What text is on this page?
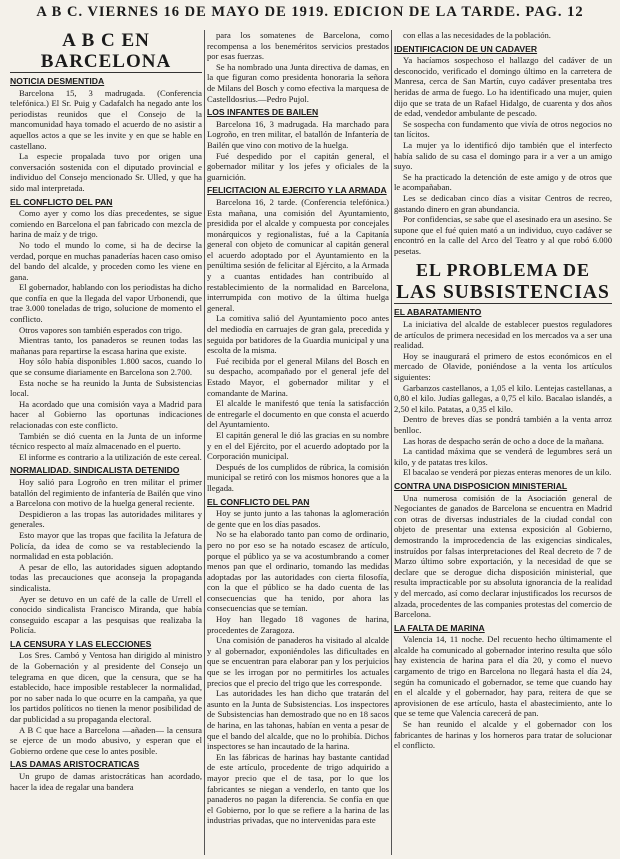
A B C. VIERNES 16 DE MAYO DE 1919. EDICION DE LA TARDE. PAG. 12
A B C EN BARCELONA
NOTICIA DESMENTIDA

Barcelona 15, 3 madrugada. (Conferencia telefónica.) El Sr. Puig y Cadafalch ha negado ante los periodistas reunidos que el Consejo de la mancomunidad haya tomado el acuerdo de no asistir a aquellos actos a que se les invite y en que se hable en castellano.

La especie propalada tuvo por origen una conversación sostenida con el diputado provincial e individuo del Consejo mencionado Sr. Ulled, y que ha sido mal interpretada.

EL CONFLICTO DEL PAN

Como ayer y como los días precedentes, se sigue comiendo en Barcelona el pan fabricado con mezcla de harina de maíz y de trigo.

No todo el mundo lo come, si ha de decirse la verdad, porque en muchas panaderías hacen caso omiso del bando del alcalde, y proceden como les viene en gana.

El gobernador, hablando con los periodistas ha dicho que confía en que la llegada del vapor Urbonendi, que trae 3.000 toneladas de trigo, solucione de momento el conflicto.

Otros vapores son también esperados con trigo.

Mientras tanto, los panaderos se reunen todas las mañanas para repartirse la escasa harina que existe.

Hoy sólo había disponibles 1.800 sacos, cuando lo que se consume diariamente en Barcelona son 2.700.

Esta noche se ha reunido la Junta de Subsistencias local.

Ha acordado que una comisión vaya a Madrid para hacer al Gobierno las oportunas indicaciones relacionadas con este conflicto.

También se dió cuenta en la Junta de un informe técnico respecto al maíz almacenado en el puerto.

El informe es contrario a la utilización de este cereal.

NORMALIDAD. SINDICALISTA DETENIDO

Hoy salió para Logroño en tren militar el primer batallón del regimiento de infantería de Bailén que vino a Barcelona con motivo de la huelga general reciente.

Despidieron a las tropas las autoridades militares y generales.

Esto mayor que las tropas que facilita la Jefatura de Policía, da idea de como se va restableciendo la normalidad en esta población.

A pesar de ello, las autoridades siguen adoptando todas las precauciones que aconseja la propaganda sindicalista.

Ayer se detuvo en un café de la calle de Urrell el conocido sindicalista Francisco Miranda, que había conseguido escapar a las pesquisas que realizaba la Policía.

LA CENSURA Y LAS ELECCIONES

Los Sres. Cambó y Ventosa han dirigido al ministro de la Gobernación y al presidente del Consejo un telegrama en que dicen, que la censura, que se ha establecido, hace imposible restablecer la normalidad, por no saber nada lo que ocurre en la campaña, ya que los partidos políticos no tienen la menor posibilidad de dar publicidad a su propaganda electoral.

A B C que hace a Barcelona —añaden— la censura se ejerce de un modo abusivo, y esperan que el Gobierno ordene que cese lo antes posible.

LAS DAMAS ARISTOCRATICAS

Un grupo de damas aristocráticas han acordado, hacer la idea de regalar una bandera

para los somatenes de Barcelona, como recompensa a los beneméritos servicios prestados por esas fuerzas.

Se ha nombrado una Junta directiva de damas, en la que figuran como presidenta honoraria la señora de Milans del Bosch y como efectiva la marquesa de Castelldosrius.—Pedro Pujol.

LOS INFANTES DE BAILEN

Barcelona 16, 3 madrugada. Ha marchado para Logroño, en tren militar, el batallón de Infantería de Bailén que vino con motivo de la huelga.

Fué despedido por el capitán general, el gobernador militar y los jefes y oficiales de la guarnición.

FELICITACION AL EJERCITO Y LA ARMADA

Barcelona 16, 2 tarde. (Conferencia telefónica.) Esta mañana, una comisión del Ayuntamiento, presidida por el alcalde y compuesta por concejales monárquicos y regionalistas, fué a la Capitanía general con objeto de comunicar al capitán general el acuerdo adoptado por el Ayuntamiento en la penúltima sesión de felicitar al Ejército, a la Armada y a cuantas entidades han contribuído al restablecimiento de la normalidad en Barcelona, interrumpida con motivo de la última huelga general.

La comitiva salió del Ayuntamiento poco antes del mediodía en carruajes de gran gala, precedida y seguida por batidores de la Guardia municipal y una escolta de la misma.

Fué recibida por el general Milans del Bosch en su despacho, acompañado por el general jefe del Estado Mayor, el gobernador militar y el comandante de Marina.

El alcalde le manifestó que tenía la satisfacción de entregarle el documento en que consta el acuerdo del Ayuntamiento.

El capitán general le dió las gracias en su nombre y en el del Ejército, por el acuerdo adoptado por la Corporación municipal.

Después de los cumplidos de rúbrica, la comisión municipal se retiró con los mismos honores que a la llegada.

EL CONFLICTO DEL PAN

Hoy se junto junto a las tahonas la aglomeración de gente que en los días pasados.

No se ha elaborado tanto pan como de ordinario, pero no por eso se ha notado escasez de artículo, porque el público ya se va acostumbrando a comer menos pan que el ordinario, tomando las medidas adoptadas por las autoridades con cierta filosofía, con la que el público se ha dado cuenta de las consecuencias que ha tenido, por ahora las consecuencias que se temían.

Hoy han llegado 18 vagones de harina, procedentes de Zaragoza.

Una comisión de panaderos ha visitado al alcalde y al gobernador, exponiéndoles las dificultades en que se encuentran para elaborar pan y los perjuicios que se les irrogan por no permitirles los actuales precios que el precio del trigo que les corresponde.

Las autoridades les han dicho que tratarán del asunto en la Junta de Subsistencias. Los inspectores de Subsistencias han demostrado que no en 18 sacos de harina, en las tahonas, habían en venta a pesar de que el bando del alcalde, que no lo prohibía. Dichos inspectores se han incautado de la harina.

En las fábricas de harinas hay bastante cantidad de este artículo, procedente de trigo adquirido a mayor precio que el de tasa, por lo que los fabricantes se niegan a venderlo, en tanto que los panaderos no pagan la diferencia. Se confía en que el Gobierno, por lo que se refiere a la harina de las industrias privadas, que no intervenidas para este

con ellas a las necesidades de la población.

IDENTIFICACION DE UN CADAVER

Ya hacíamos sospechoso el hallazgo del cadáver de un desconocido, verificado el domingo último en la carretera de Manresa, cerca de San Martín, cuyo cadáver presentaba tres heridas de arma de fuego. Lo ha identificado una mujer, quien dijo que se trata de un Rafael Hidalgo, de cuarenta y dos años de edad, vendedor ambulante de pescado.

Se sospecha con fundamento que vivía de otros negocios no tan lícitos.

La mujer ya lo identificó dijo también que el interfecto había salido de su casa el domingo para ir a ver a un amigo suyo.

Se ha practicado la detención de este amigo y de otros que le acompañaban.

Les se dedicaban cinco días a visitar Centros de recreo, gastando dinero en gran abundancia.

Por confidencias, se sabe que el asesinado era un asesino. Se supone que el fué quien mató a un individuo, cuyo cadáver se encontró en la calle del Arco del Teatro y al que robó 6.000 pesetas.

EL PROBLEMA DE
LAS SUBSISTENCIAS
EL ABARATAMIENTO

La iniciativa del alcalde de establecer puestos reguladores de artículos de primera necesidad en los mercados va a ser una realidad.

Hoy se inaugurará el primero de estos económicos en el mercado de Olavide, poniéndose a la venta los artículos siguientes:

Garbanzos castellanos, a 1,05 el kilo. Lentejas castellanas, a 0,80 el kilo. Judías gallegas, a 0,75 el kilo. Bacalao islandés, a 2,50 el kilo. Patatas, a 0,35 el kilo.

Dentro de breves días se pondrá también a la venta arroz benlloc.

Las horas de despacho serán de ocho a doce de la mañana.

La cantidad máxima que se venderá de legumbres será un kilo, y de patatas tres kilos.

El bacalao se venderá por piezas enteras menores de un kilo.

CONTRA UNA DISPOSICION MINISTERIAL

Una numerosa comisión de la Asociación general de Negociantes de ganados de Barcelona se encuentra en Madrid con otras de diversas industriales de la ciudad condal con objeto de presentar una extensa exposición al Gobierno, demostrando la improcedencia de las exigencias sindicales, instruídos por falsas interpretaciones del Real decreto de 7 de Marzo último sobre exportación, y la necesidad de que se declare que se derogue dicha disposición ministerial, que resulta impracticable por su absoluta ignorancia de la realidad y del mercado, así como declarar injustificados los recursos de alzada, procedentes de las companies protestas del comercio de Barcelona.

LA FALTA DE MARINA

Valencia 14, 11 noche. Del recuento hecho últimamente el alcalde ha comunicado al gobernador interino resulta que sólo hay existencia de harina para el día 20, y como el nuevo cargamento de trigo en Barcelona no llegará hasta el día 24, según ha comunicado el gobernador, se teme que cuando hay en el alcalde y el gobernador, hay para, reitera de que se aprovisionen de ese artículo, hasta el abastecimiento, ante lo que se teme que Valencia carecerá de pan.

Se han reunido el alcalde y el gobernador con los fabricantes de harinas y los horneros para tratar de solucionar el conflicto.
